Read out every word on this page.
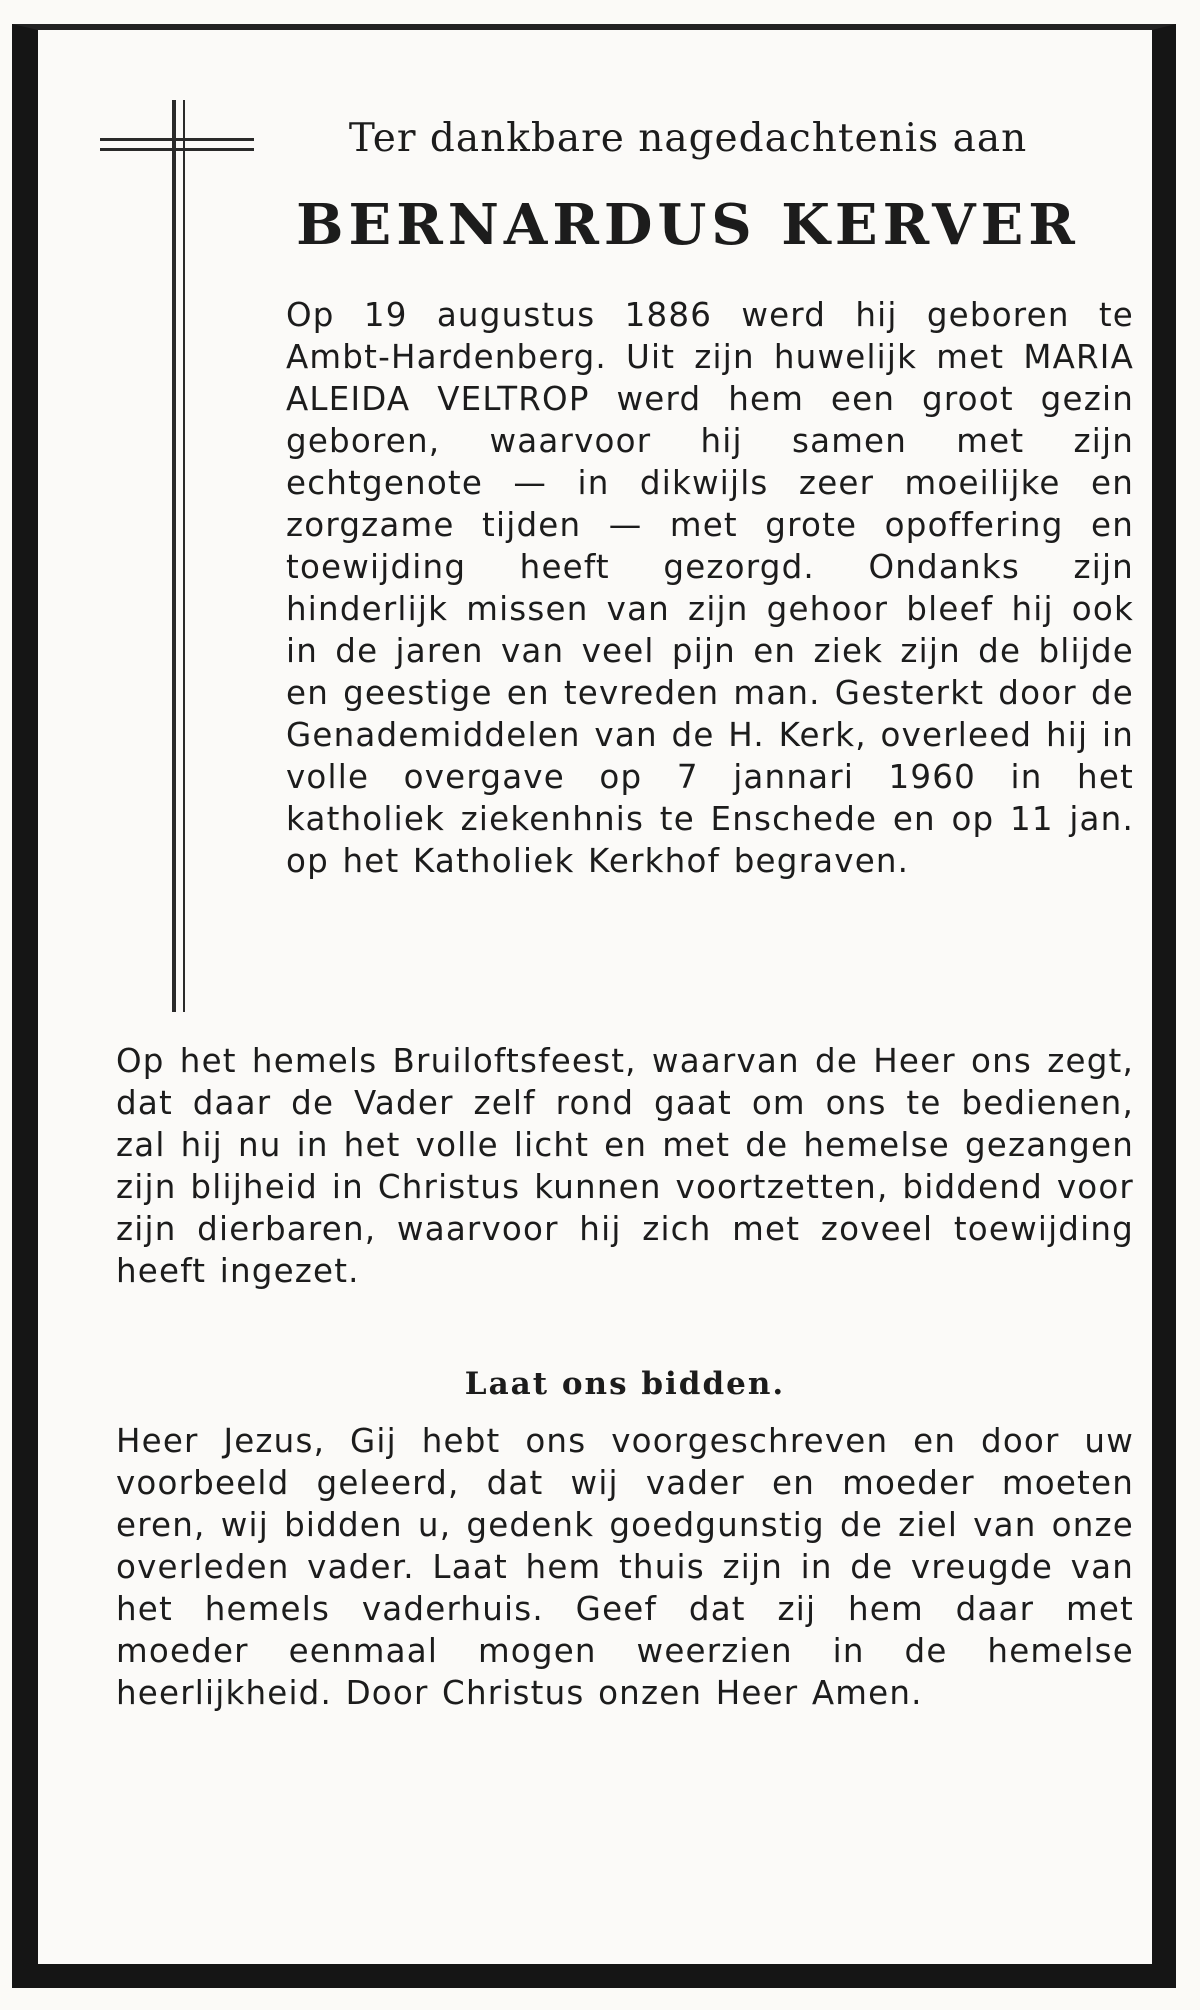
Ter dankbare nagedachtenis aan
BERNARDUS KERVER

Op 19 augustus 1886 werd hij geboren te Ambt-Hardenberg. Uit zijn huwelijk met MARIA ALEIDA VELTROP werd hem een groot gezin geboren, waarvoor hij samen met zijn echtgenote — in dikwijls zeer moeilijke en zorgzame tijden — met grote opoffering en toewijding heeft gezorgd. Ondanks zijn hinderlijk missen van zijn gehoor bleef hij ook in de jaren van veel pijn en ziek zijn de blijde en geestige en tevreden man. Gesterkt door de Genademiddelen van de H. Kerk, overleed hij in volle overgave op 7 jannari 1960 in het katholiek ziekenhnis te Enschede en op 11 jan. op het Katholiek Kerkhof begraven.

Op het hemels Bruiloftsfeest, waarvan de Heer ons zegt, dat daar de Vader zelf rond gaat om ons te bedienen, zal hij nu in het volle licht en met de hemelse gezangen zijn blijheid in Christus kunnen voortzetten, biddend voor zijn dierbaren, waarvoor hij zich met zoveel toewijding heeft ingezet.

Laat ons bidden.

Heer Jezus, Gij hebt ons voorgeschreven en door uw voorbeeld geleerd, dat wij vader en moeder moeten eren, wij bidden u, gedenk goedgunstig de ziel van onze overleden vader. Laat hem thuis zijn in de vreugde van het hemels vaderhuis. Geef dat zij hem daar met moeder eenmaal mogen weerzien in de hemelse heerlijkheid. Door Christus onzen Heer Amen.
